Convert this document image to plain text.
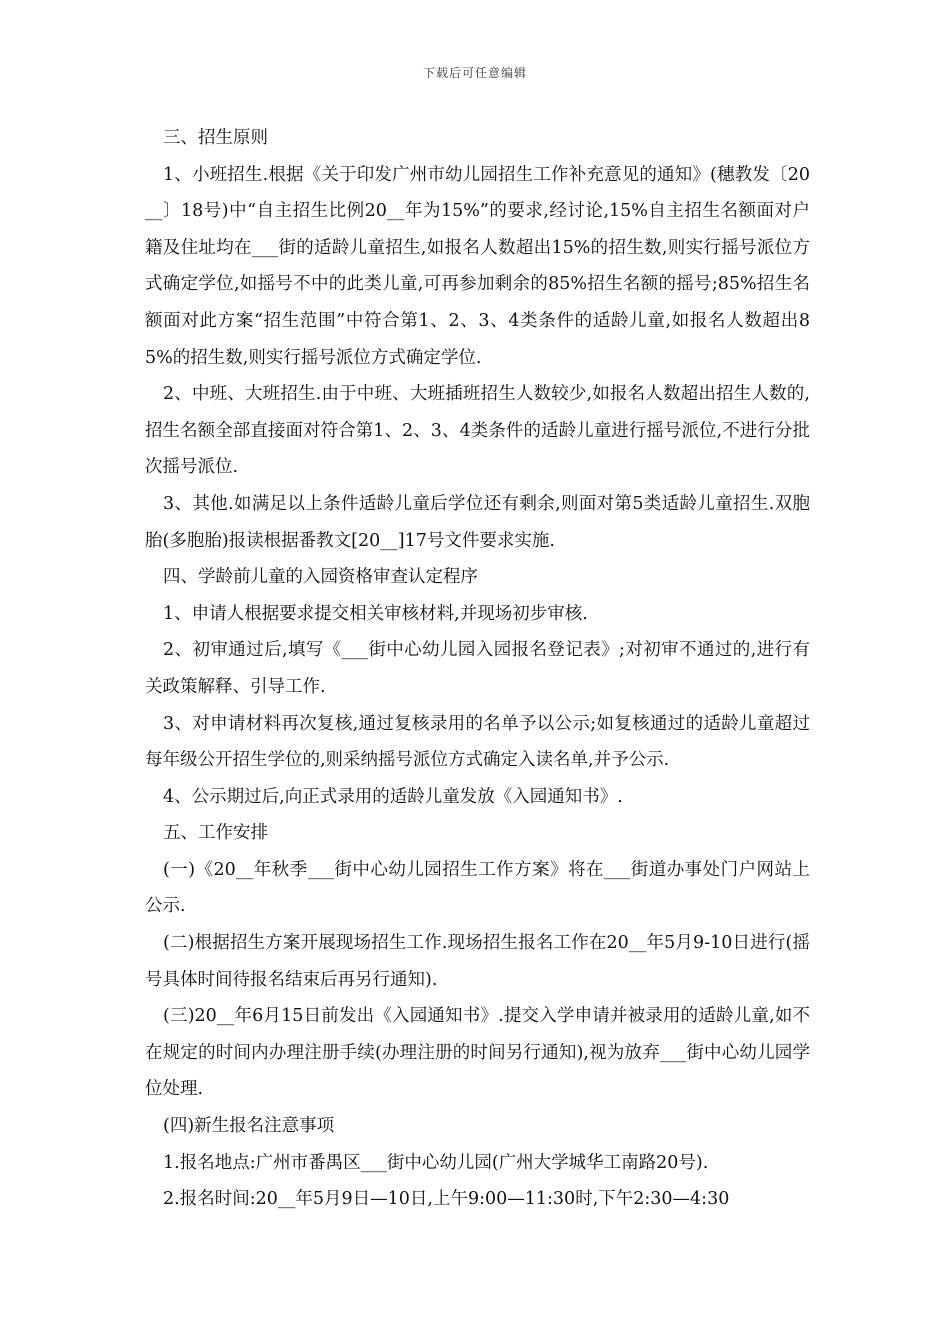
下载后可任意编辑

三、招生原则

1、小班招生.根据《关于印发广州市幼儿园招生工作补充意见的通知》(穗教发〔20__〕18号)中“自主招生比例20__年为15%”的要求,经讨论,15%自主招生名额面对户籍及住址均在___街的适龄儿童招生,如报名人数超出15%的招生数,则实行摇号派位方式确定学位,如摇号不中的此类儿童,可再参加剩余的85%招生名额的摇号;85%招生名额面对此方案“招生范围”中符合第1、2、3、4类条件的适龄儿童,如报名人数超出85%的招生数,则实行摇号派位方式确定学位.

2、中班、大班招生.由于中班、大班插班招生人数较少,如报名人数超出招生人数的,招生名额全部直接面对符合第1、2、3、4类条件的适龄儿童进行摇号派位,不进行分批次摇号派位.

3、其他.如满足以上条件适龄儿童后学位还有剩余,则面对第5类适龄儿童招生.双胞胎(多胞胎)报读根据番教文[20__]17号文件要求实施.

四、学龄前儿童的入园资格审查认定程序

1、申请人根据要求提交相关审核材料,并现场初步审核.

2、初审通过后,填写《___街中心幼儿园入园报名登记表》;对初审不通过的,进行有关政策解释、引导工作.

3、对申请材料再次复核,通过复核录用的名单予以公示;如复核通过的适龄儿童超过每年级公开招生学位的,则采纳摇号派位方式确定入读名单,并予公示.

4、公示期过后,向正式录用的适龄儿童发放《入园通知书》.

五、工作安排

(一)《20__年秋季___街中心幼儿园招生工作方案》将在___街道办事处门户网站上公示.

(二)根据招生方案开展现场招生工作.现场招生报名工作在20__年5月9-10日进行(摇号具体时间待报名结束后再另行通知).

(三)20__年6月15日前发出《入园通知书》.提交入学申请并被录用的适龄儿童,如不在规定的时间内办理注册手续(办理注册的时间另行通知),视为放弃___街中心幼儿园学位处理.

(四)新生报名注意事项

1.报名地点:广州市番禺区___街中心幼儿园(广州大学城华工南路20号).

2.报名时间:20__年5月9日—10日,上午9:00—11:30时,下午2:30—4:30
